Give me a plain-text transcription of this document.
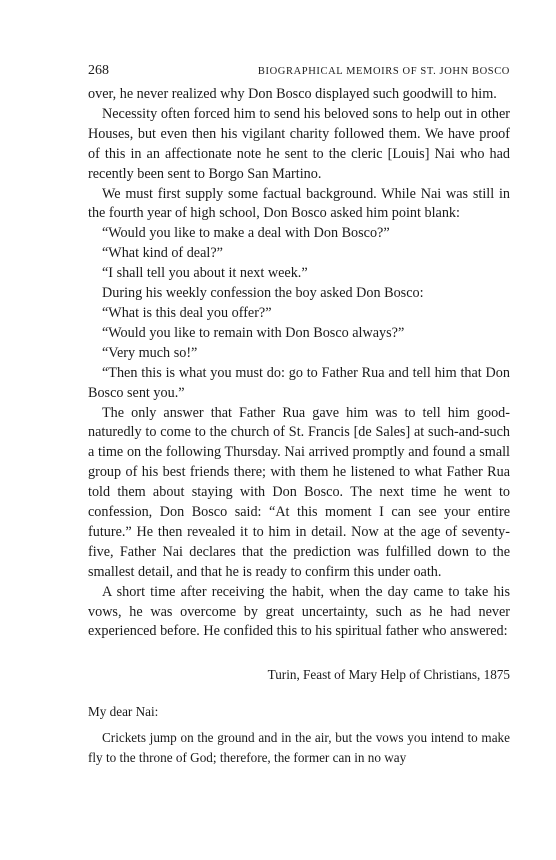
268	BIOGRAPHICAL MEMOIRS OF ST. JOHN BOSCO

over, he never realized why Don Bosco displayed such goodwill to him.

Necessity often forced him to send his beloved sons to help out in other Houses, but even then his vigilant charity followed them. We have proof of this in an affectionate note he sent to the cleric [Louis] Nai who had recently been sent to Borgo San Martino.

We must first supply some factual background. While Nai was still in the fourth year of high school, Don Bosco asked him point blank:

“Would you like to make a deal with Don Bosco?”

“What kind of deal?”

“I shall tell you about it next week.”

During his weekly confession the boy asked Don Bosco:

“What is this deal you offer?”

“Would you like to remain with Don Bosco always?”

“Very much so!”

“Then this is what you must do: go to Father Rua and tell him that Don Bosco sent you.”

The only answer that Father Rua gave him was to tell him good-naturedly to come to the church of St. Francis [de Sales] at such-and-such a time on the following Thursday. Nai arrived promptly and found a small group of his best friends there; with them he listened to what Father Rua told them about staying with Don Bosco. The next time he went to confession, Don Bosco said: “At this moment I can see your entire future.” He then revealed it to him in detail. Now at the age of seventy-five, Father Nai declares that the prediction was fulfilled down to the smallest detail, and that he is ready to confirm this under oath.

A short time after receiving the habit, when the day came to take his vows, he was overcome by great uncertainty, such as he had never experienced before. He confided this to his spiritual father who answered:

Turin, Feast of Mary Help of Christians, 1875

My dear Nai:

Crickets jump on the ground and in the air, but the vows you intend to make fly to the throne of God; therefore, the former can in no way
